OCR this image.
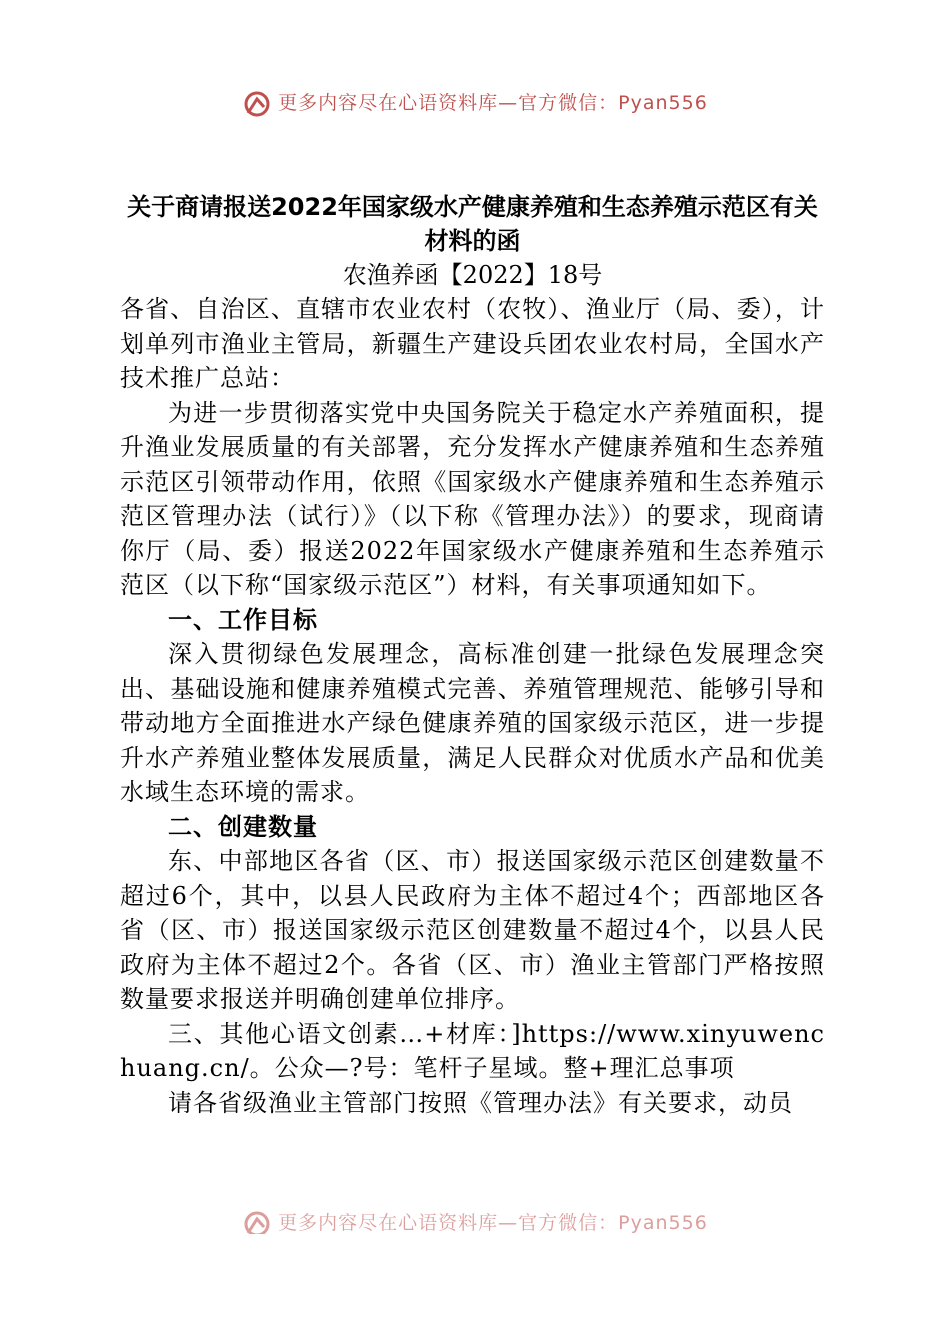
更多内容尽在心语资料库—官方微信：Pyan556
关于商请报送2022年国家级水产健康养殖和生态养殖示范区有关材料的函
农渔养函【2022】18号

各省、自治区、直辖市农业农村（农牧）、渔业厅（局、委），计划单列市渔业主管局，新疆生产建设兵团农业农村局，全国水产技术推广总站：

为进一步贯彻落实党中央国务院关于稳定水产养殖面积，提升渔业发展质量的有关部署，充分发挥水产健康养殖和生态养殖示范区引领带动作用，依照《国家级水产健康养殖和生态养殖示范区管理办法（试行）》（以下称《管理办法》）的要求，现商请你厅（局、委）报送2022年国家级水产健康养殖和生态养殖示范区（以下称“国家级示范区”）材料，有关事项通知如下。

一、工作目标

深入贯彻绿色发展理念，高标准创建一批绿色发展理念突出、基础设施和健康养殖模式完善、养殖管理规范、能够引导和带动地方全面推进水产绿色健康养殖的国家级示范区，进一步提升水产养殖业整体发展质量，满足人民群众对优质水产品和优美水域生态环境的需求。

二、创建数量

东、中部地区各省（区、市）报送国家级示范区创建数量不超过6个，其中，以县人民政府为主体不超过4个；西部地区各省（区、市）报送国家级示范区创建数量不超过4个，以县人民政府为主体不超过2个。各省（区、市）渔业主管部门严格按照数量要求报送并明确创建单位排序。

三、其他心语文创素…+材库：]https://www.xinyuwenchuang.cn/。公众—?号：笔杆子星域。整+理汇总事项

请各省级渔业主管部门按照《管理办法》有关要求，动员

更多内容尽在心语资料库—官方微信：Pyan556
